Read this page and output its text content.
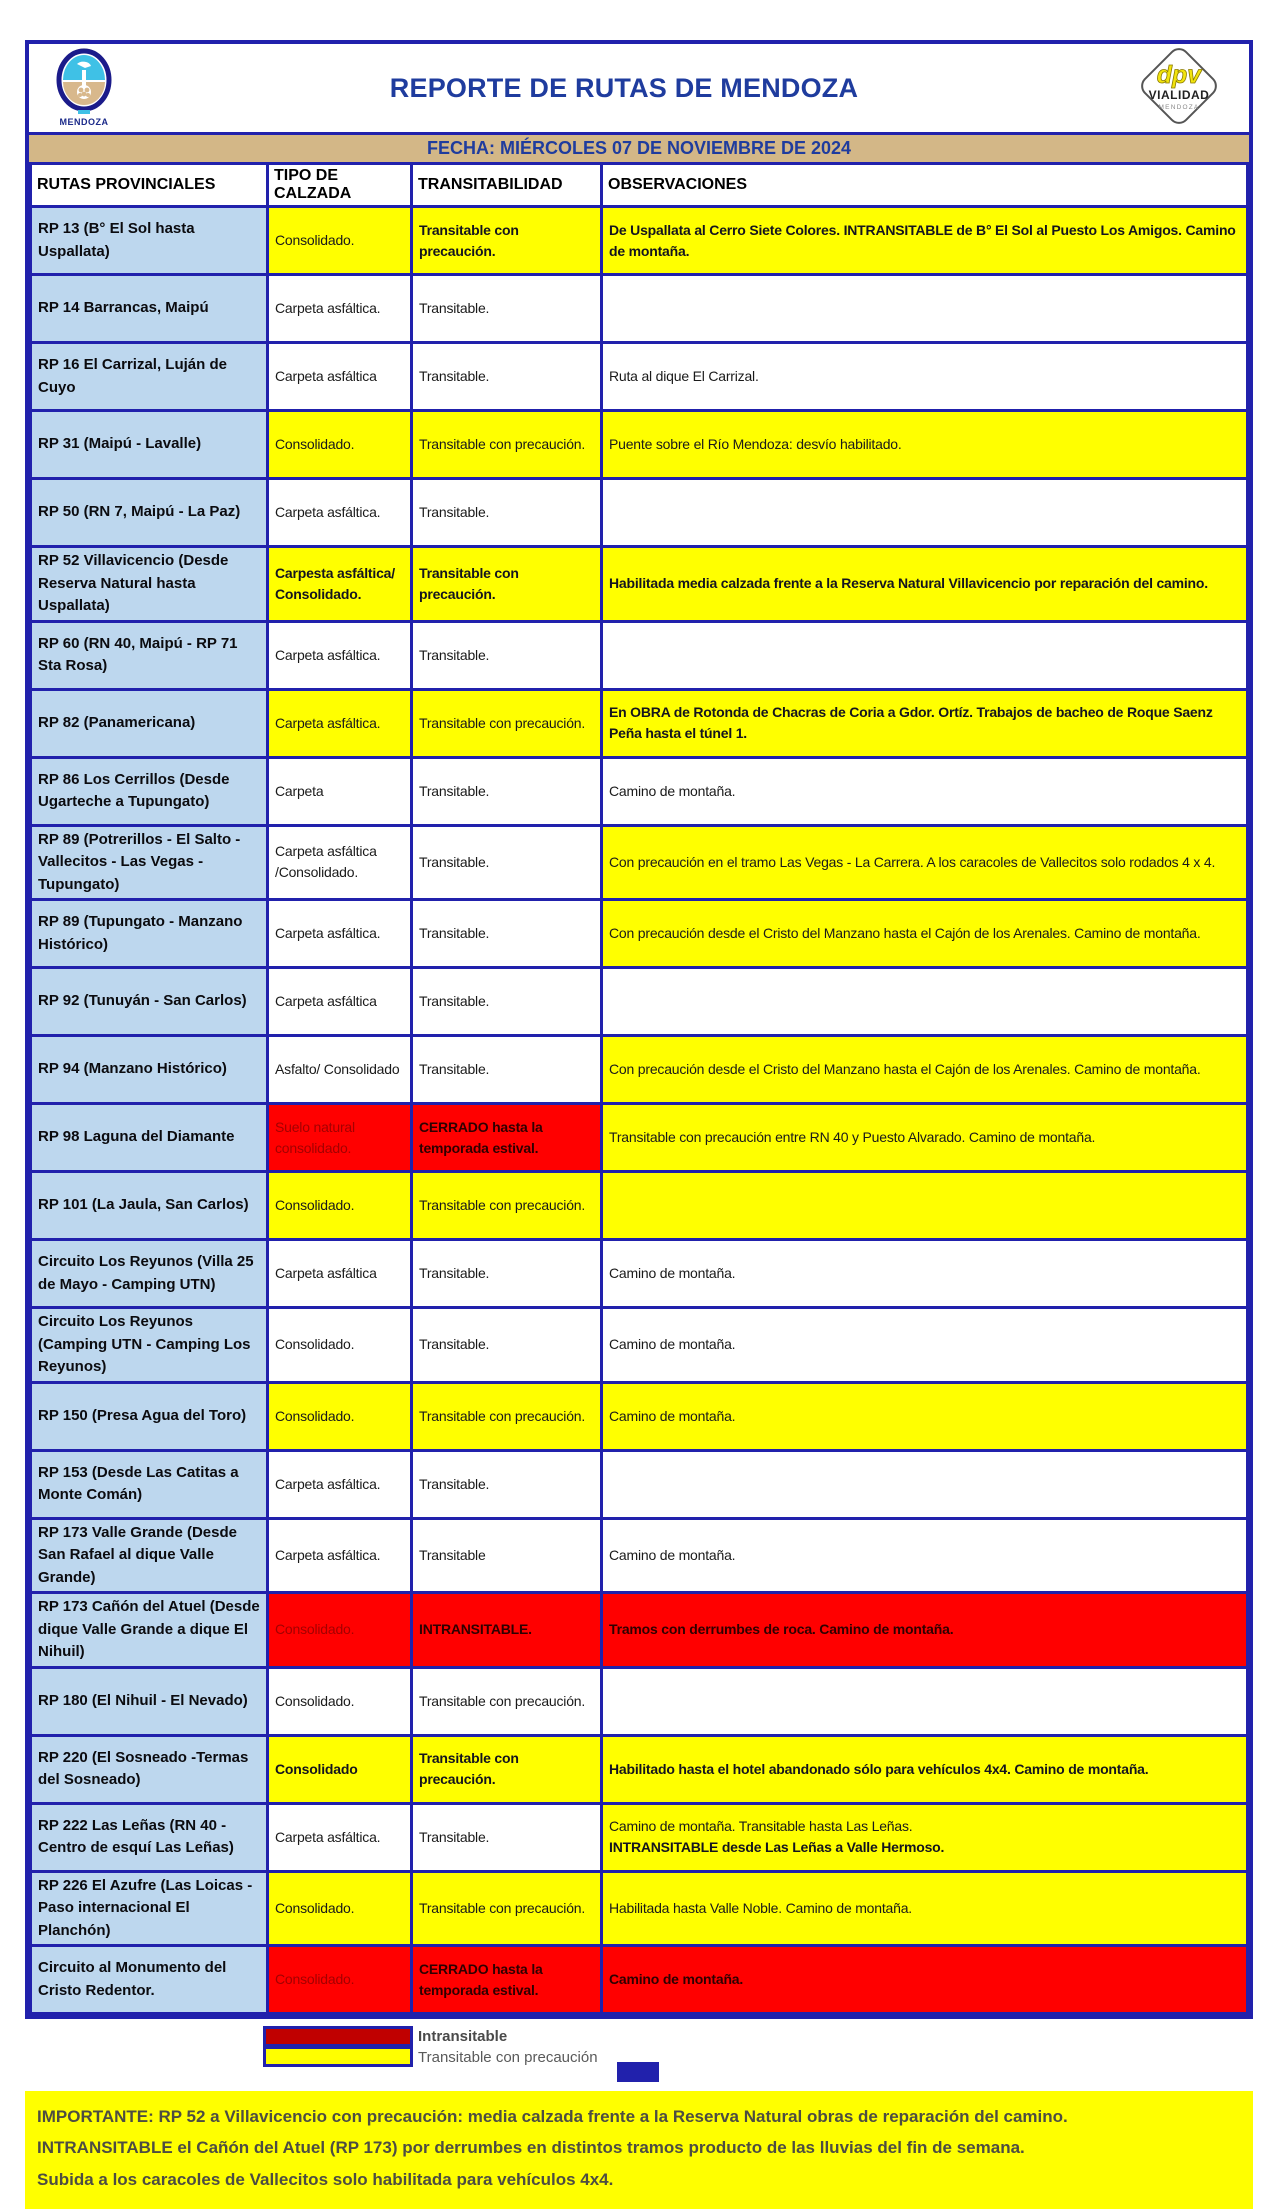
MENDOZA
REPORTE DE RUTAS DE MENDOZA	dpv
VIALIDAD
MENDOZA
FECHA: MIÉRCOLES 07 DE NOVIEMBRE DE 2024
RUTAS PROVINCIALES	TIPO DE CALZADA	TRANSITABILIDAD	OBSERVACIONES
RP 13 (B° El Sol hasta Uspallata)	Consolidado.	Transitable con precaución.	De Uspallata al Cerro Siete Colores. INTRANSITABLE de B° El Sol al Puesto Los Amigos. Camino de montaña.

RP 14 Barrancas, Maipú	Carpeta asfáltica.	Transitable.	

RP 16 El Carrizal, Luján de Cuyo	Carpeta asfáltica	Transitable.	Ruta al dique El Carrizal.

RP 31 (Maipú - Lavalle)	Consolidado.	Transitable con precaución.	Puente sobre el Río Mendoza: desvío habilitado.

RP 50 (RN 7, Maipú - La Paz)	Carpeta asfáltica.	Transitable.	

RP 52 Villavicencio (Desde Reserva Natural hasta Uspallata)	Carpesta asfáltica/ Consolidado.	Transitable con precaución.	Habilitada media calzada frente a la Reserva Natural Villavicencio por reparación del camino.

RP 60 (RN 40, Maipú - RP 71 Sta Rosa)	Carpeta asfáltica.	Transitable.	

RP 82 (Panamericana)	Carpeta asfáltica.	Transitable con precaución.	En OBRA de Rotonda de Chacras de Coria a Gdor. Ortíz. Trabajos de bacheo de Roque Saenz Peña hasta el túnel 1.

RP 86 Los Cerrillos (Desde Ugarteche a Tupungato)	Carpeta	Transitable.	Camino de montaña.

RP 89 (Potrerillos - El Salto - Vallecitos - Las Vegas -Tupungato)	Carpeta asfáltica /Consolidado.	Transitable.	Con precaución en el tramo Las Vegas - La Carrera. A los caracoles de Vallecitos solo rodados 4 x 4.

RP 89 (Tupungato - Manzano Histórico)	Carpeta asfáltica.	Transitable.	Con precaución desde el Cristo del Manzano hasta el Cajón de los Arenales. Camino de montaña.

RP 92 (Tunuyán - San Carlos)	Carpeta asfáltica	Transitable.	

RP 94 (Manzano Histórico)	Asfalto/ Consolidado	Transitable.	Con precaución desde el Cristo del Manzano hasta el Cajón de los Arenales. Camino de montaña.

RP 98 Laguna del Diamante	Suelo natural consolidado.	CERRADO hasta la temporada estival.	Transitable con precaución entre RN 40 y Puesto Alvarado. Camino de montaña.

RP 101 (La Jaula, San Carlos)	Consolidado.	Transitable con precaución.	

Circuito Los Reyunos (Villa 25 de Mayo - Camping UTN)	Carpeta asfáltica	Transitable.	Camino de montaña.

Circuito Los Reyunos (Camping UTN - Camping Los Reyunos)	Consolidado.	Transitable.	Camino de montaña.

RP 150 (Presa Agua del Toro)	Consolidado.	Transitable con precaución.	Camino de montaña.

RP 153 (Desde Las Catitas a Monte Comán)	Carpeta asfáltica.	Transitable.	

RP 173 Valle Grande (Desde San Rafael al dique Valle Grande)	Carpeta asfáltica.	Transitable	Camino de montaña.

RP 173 Cañón del Atuel (Desde dique Valle Grande a dique El Nihuil)	Consolidado.	INTRANSITABLE.	Tramos con derrumbes de roca. Camino de montaña.

RP 180 (El Nihuil - El Nevado)	Consolidado.	Transitable con precaución.	

RP 220 (El Sosneado -Termas del Sosneado)	Consolidado	Transitable con precaución.	Habilitado hasta el hotel abandonado sólo para vehículos 4x4. Camino de montaña.

RP 222 Las Leñas (RN 40 - Centro de esquí Las Leñas)	Carpeta asfáltica.	Transitable.	Camino de montaña. Transitable hasta Las Leñas.
INTRANSITABLE desde Las Leñas a Valle Hermoso.

RP 226 El Azufre (Las Loicas - Paso internacional El Planchón)	Consolidado.	Transitable con precaución.	Habilitada hasta Valle Noble. Camino de montaña.

Circuito al Monumento del Cristo Redentor.	Consolidado.	CERRADO hasta la temporada estival.	Camino de montaña.
Intransitable
Transitable con precaución
IMPORTANTE: RP 52 a Villavicencio con precaución: media calzada frente a la Reserva Natural obras de reparación del camino.
INTRANSITABLE el Cañón del Atuel (RP 173) por derrumbes en distintos tramos producto de las lluvias del fin de semana.
Subida a los caracoles de Vallecitos solo habilitada para vehículos 4x4.
